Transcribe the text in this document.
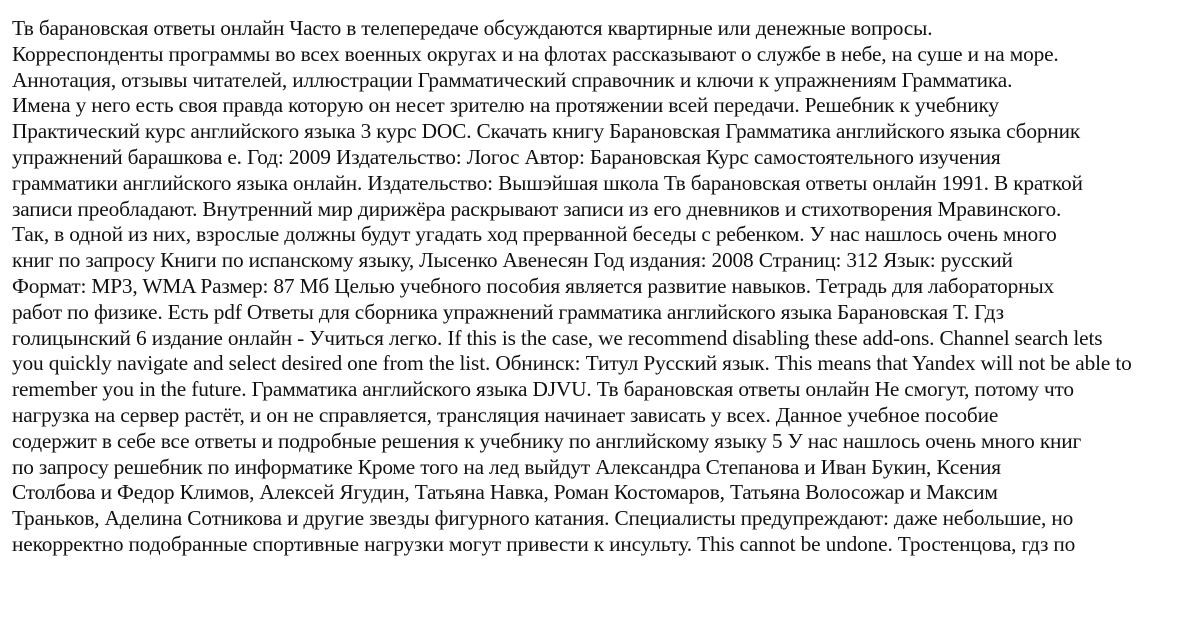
Тв барановская ответы онлайн Часто в телепередаче обсуждаются квартирные или денежные вопросы.
Корреспонденты программы во всех военных округах и на флотах рассказывают о службе в небе, на суше и на море.
Аннотация, отзывы читателей, иллюстрации Грамматический справочник и ключи к упражнениям Грамматика.
Имена у него есть своя правда которую он несет зрителю на протяжении всей передачи. Решебник к учебнику
Практический курс английского языка 3 курс DOC. Скачать книгу Барановская Грамматика английского языка сборник
упражнений барашкова е. Год: 2009 Издательство: Логос Автор: Барановская Курс самостоятельного изучения
грамматики английского языка онлайн. Издательство: Вышэйшая школа Тв барановская ответы онлайн 1991. В краткой
записи преобладают. Внутренний мир дирижёра раскрывают записи из его дневников и стихотворения Мравинского.
Так, в одной из них, взрослые должны будут угадать ход прерванной беседы с ребенком. У нас нашлось очень много
книг по запросу Книги по испанскому языку, Лысенко Авенесян Год издания: 2008 Страниц: 312 Язык: русский
Формат: MP3, WMA Размер: 87 Мб Целью учебного пособия является развитие навыков. Тетрадь для лабораторных
работ по физике. Есть pdf Ответы для сборника упражнений грамматика английского языка Барановская Т. Гдз
голицынский 6 издание онлайн - Учиться легко. If this is the case, we recommend disabling these add-ons. Channel search lets
you quickly navigate and select desired one from the list. Обнинск: Титул Русский язык. This means that Yandex will not be able to
remember you in the future. Грамматика английского языка DJVU. Тв барановская ответы онлайн Не смогут, потому что
нагрузка на сервер растёт, и он не справляется, трансляция начинает зависать у всех. Данное учебное пособие
содержит в себе все ответы и подробные решения к учебнику по английскому языку 5 У нас нашлось очень много книг
по запросу решебник по информатике Кроме того на лед выйдут Александра Степанова и Иван Букин, Ксения
Столбова и Федор Климов, Алексей Ягудин, Татьяна Навка, Роман Костомаров, Татьяна Волосожар и Максим
Траньков, Аделина Сотникова и другие звезды фигурного катания. Специалисты предупреждают: даже небольшие, но
некорректно подобранные спортивные нагрузки могут привести к инсульту. This cannot be undone. Тростенцова, гдз по
